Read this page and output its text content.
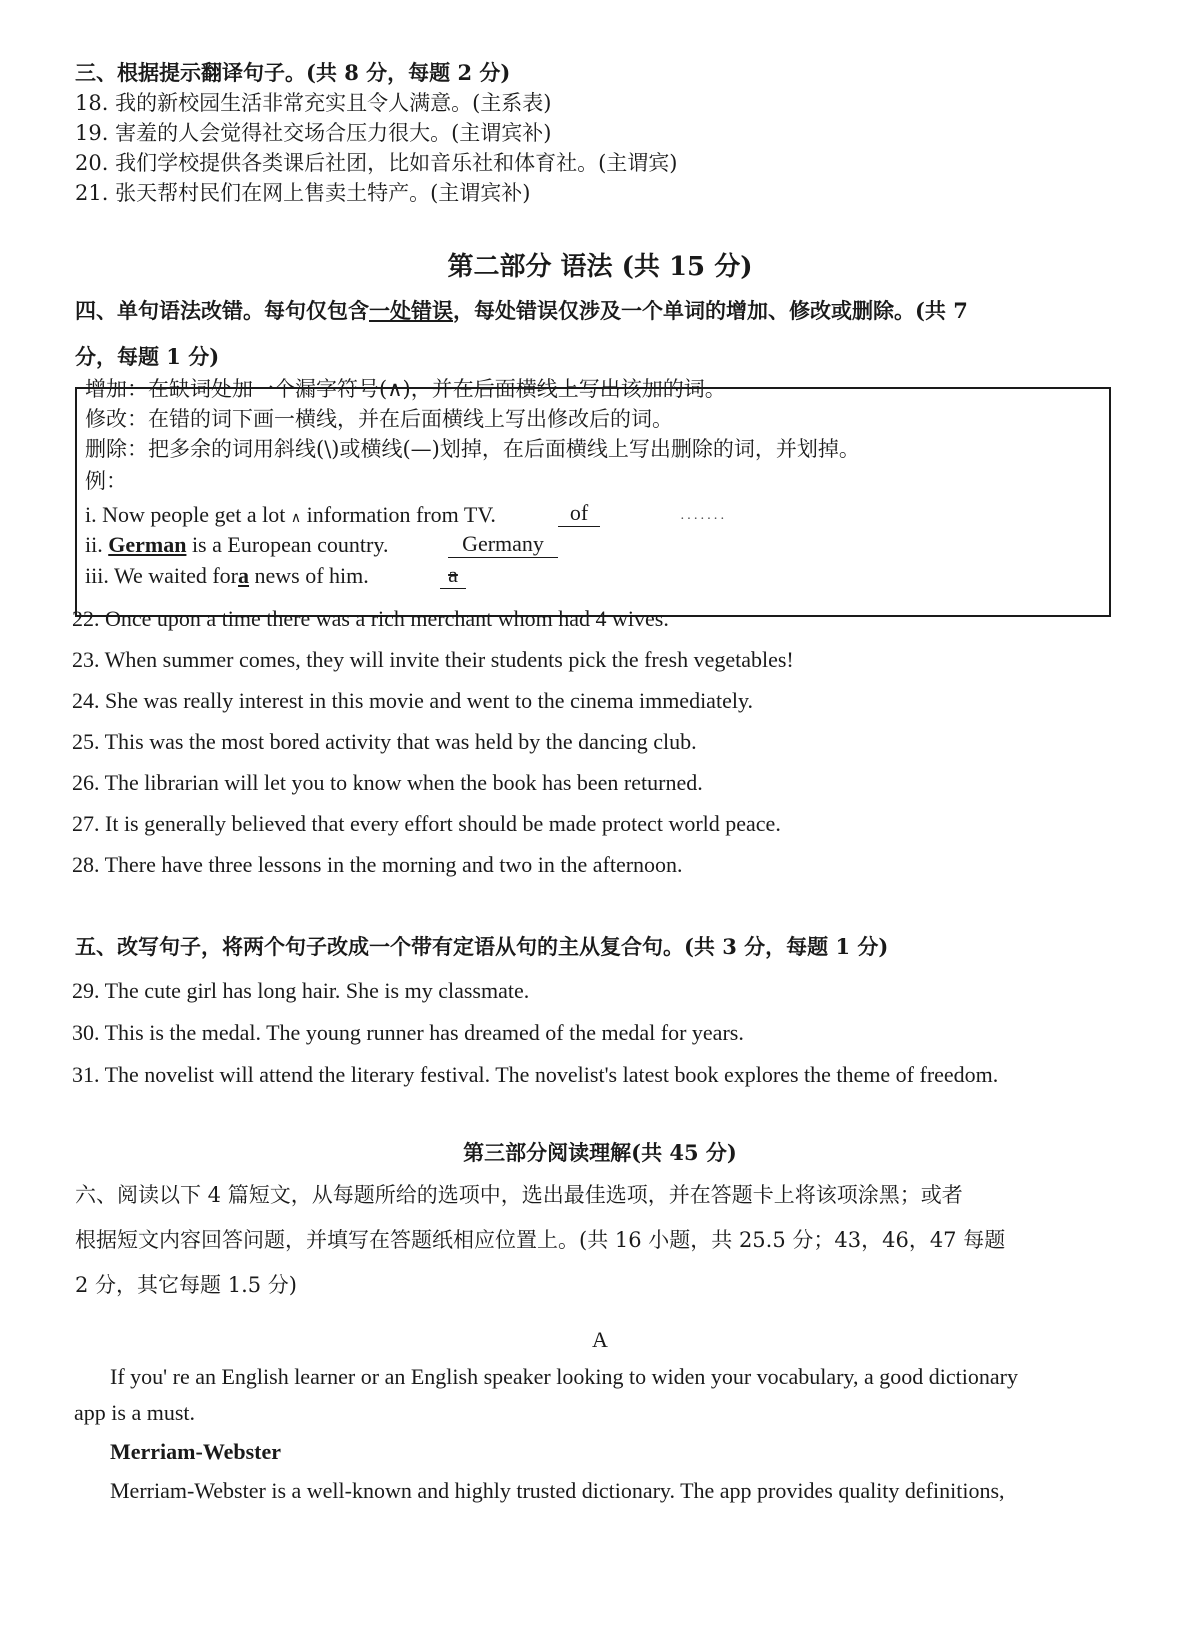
三、根据提示翻译句子。(共 8 分，每题 2 分)
18. 我的新校园生活非常充实且令人满意。(主系表)
19. 害羞的人会觉得社交场合压力很大。(主谓宾补)
20. 我们学校提供各类课后社团，比如音乐社和体育社。(主谓宾)
21. 张天帮村民们在网上售卖土特产。(主谓宾补)
第二部分 语法 (共 15 分)
四、单句语法改错。每句仅包含一处错误，每处错误仅涉及一个单词的增加、修改或删除。(共 7
分，每题 1 分)
增加：在缺词处加一个漏字符号(∧)，并在后面横线上写出该加的词。
修改：在错的词下画一横线，并在后面横线上写出修改后的词。
删除：把多余的词用斜线(\)或横线(—)划掉，在后面横线上写出删除的词，并划掉。
例：
i. Now people get a lot ∧ information from TV.	of	·······
ii. German is a European country.	Germany
iii. We waited fora news of him.	a
22. Once upon a time there was a rich merchant whom had 4 wives.
23. When summer comes, they will invite their students pick the fresh vegetables!
24. She was really interest in this movie and went to the cinema immediately.
25. This was the most bored activity that was held by the dancing club.
26. The librarian will let you to know when the book has been returned.
27. It is generally believed that every effort should be made protect world peace.
28. There have three lessons in the morning and two in the afternoon.
五、改写句子，将两个句子改成一个带有定语从句的主从复合句。(共 3 分，每题 1 分)
29. The cute girl has long hair. She is my classmate.
30. This is the medal. The young runner has dreamed of the medal for years.
31. The novelist will attend the literary festival. The novelist's latest book explores the theme of freedom.
第三部分阅读理解(共 45 分)
六、阅读以下 4 篇短文，从每题所给的选项中，选出最佳选项，并在答题卡上将该项涂黑；或者
根据短文内容回答问题，并填写在答题纸相应位置上。(共 16 小题，共 25.5 分；43，46，47 每题
2 分，其它每题 1.5 分)
A
If you' re an English learner or an English speaker looking to widen your vocabulary, a good dictionary
app is a must.
Merriam-Webster
Merriam-Webster is a well-known and highly trusted dictionary. The app provides quality definitions,
